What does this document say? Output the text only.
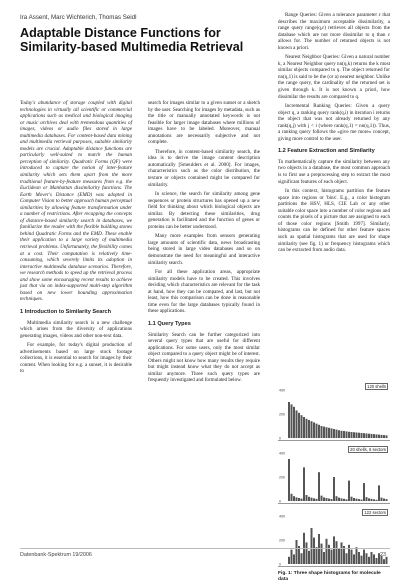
Ira Assent, Marc Wichterich, Thomas Seidl
Adaptable Distance Functions for Similarity-based Multimedia Retrieval

Today's abundance of storage coupled with digital technologies in virtually all scientific or commercial applications such as medical and biological imaging or music archives deal with tremendous quantities of images, videos or audio files stored in large multimedia databases. For content-based data mining and multimedia retrieval purposes, suitable similarity models are crucial. Adaptable distance functions are particularly well-suited to match the human perception of similarity. Quadratic Forms (QF) were introduced to capture the notion of inter-feature similarity which sets them apart from the more traditional feature-by-feature measures from e.g. the Euclidean or Manhattan dissimilarity functions. The Earth Mover's Distance (EMD) was adopted in Computer Vision to better approach human perceptual similarities by allowing feature transformation under a number of restrictions. After recapping the concepts of distance-based similarity search in databases, we familiarize the reader with the flexible building stones behind Quadratic Forms and the EMD. These enable their application to a large variety of multimedia retrieval problems. Unfortunately, the flexibility comes at a cost. Their computation is relatively time-consuming, which severely limits its adoption in interactive multimedia database scenarios. Therefore, we research methods to speed up the retrieval process and show some encouraging recent results to achieve just that via an index-supported multi-step algorithm based on new lower bounding approximation techniques.

1 Introduction to Similarity Search

Multimedia similarity search is a new challenge which arises from the diversity of applications generating images, videos and other non-text data.

For example, for today's digital production of advertisements based on large stock footage collections, it is essential to search for images by their content. When looking for e.g. a sunset, it is desirable to

search for images similar to a given sunset or a sketch by the user. Searching for images by metadata, such as the title or manually annotated keywords is not feasible for larger image databases where millions of images have to be labeled. Moreover, manual annotations are necessarily subjective and not complete.

Therefore, in content-based similarity search, the idea is to derive the image content description automatically [Smeulders et al. 2000]. For images, characteristics such as the color distribution, the texture or objects contained might be compared for similarity.

In science, the search for similarity among gene sequences or protein structures has opened up a new field for thinking about which biological objects are similar. By detecting these similarities, drug generation is facilitated and the function of genes or proteins can be better understood.

Many more examples from sensors generating large amounts of scientific data, news broadcasting being stored in large video databases and so on demonstrate the need for meaningful and interactive similarity search.

For all these application areas, appropriate similarity models have to be created. This involves deciding which characteristics are relevant for the task at hand, how they can be compared, and last, but not least, how this comparison can be done in reasonable time even for the large databases typically found in these applications.

1.1 Query Types

Similarity Search can be further categorized into several query types that are useful for different applications. For some users, only the most similar object compared to a query object might be of interest. Others might not know how many results they require but might instead know what they do not accept as similar anymore. Three such query types are frequently investigated and formulated below.

Range Queries: Given a tolerance parameter ε that describes the maximum acceptable dissimilarity, a range query range(q,ε) retrieves all objects from the database which are not more dissimilar to q than ε allows for. The number of returned objects is not known a priori.

Nearest Neighbor Queries: Given a natural number k, a Nearest Neighbor query nn(q,k) returns the k most similar objects compared to q. The object returned for nn(q,1) is said to be the (or a) nearest neighbor. Unlike the range query, the cardinality of the returned set is given through k. It is not known a priori, how dissimilar the results are compared to q.

Incremental Ranking Queries: Given a query object q, a ranking query rank(q,i) in iteration i returns the object that was not already returned by any rank(q,j) with j < i (where rank(q,1) = nn(q,1)). Thus, a ranking query follows the «give me more» concept, giving more control to the user.

1.2 Feature Extraction and Similarity

To mathematically capture the similarity between any two objects in a database, the most common approach is to first use a preprocessing step to extract the most significant features of each object.

In this context, histograms partition the feature space into regions or 'bins'. E.g., a color histogram partitions the HSV, HLS, CIE Lab or any other suitable color space into a number of color regions and counts the pixels of a picture that are assigned to each of those color regions [Smith 1997]. Similarly, histograms can be defined for other feature spaces such as spatial histograms that are used for shape similarity (see fig. 1) or frequency histograms which can be extracted from audio data.

0
200
400
120 shells
0
200
400
20 shells, 6 sectors
0
200
400
122 sectors
Fig. 1: Three shape histograms for molecule data
Datenbank-Spektrum 19/2006	23
